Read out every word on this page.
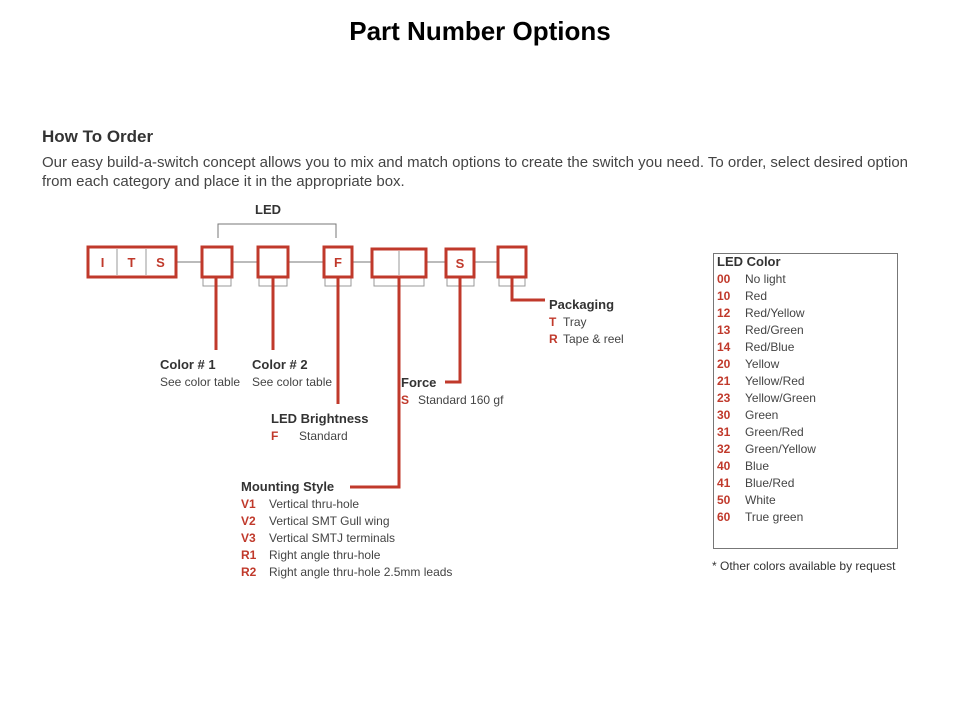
Part Number Options
How To Order
Our easy build-a-switch concept allows you to mix and match options to create the switch you need. To order, select desired option from each category and place it in the appropriate box.
LED
I	T	S	F	S
Color # 1
See color table
Color # 2
See color table
LED Brightness
F Standard
Force
S Standard 160 gf
Packaging
T Tray
R Tape & reel
Mounting Style
V1 Vertical thru-hole
V2 Vertical SMT Gull wing
V3 Vertical SMTJ terminals
R1 Right angle thru-hole
R2 Right angle thru-hole 2.5mm leads
LED Color
00 No light
10 Red
12 Red/Yellow
13 Red/Green
14 Red/Blue
20 Yellow
21 Yellow/Red
23 Yellow/Green
30 Green
31 Green/Red
32 Green/Yellow
40 Blue
41 Blue/Red
50 White
60 True green
* Other colors available by request
